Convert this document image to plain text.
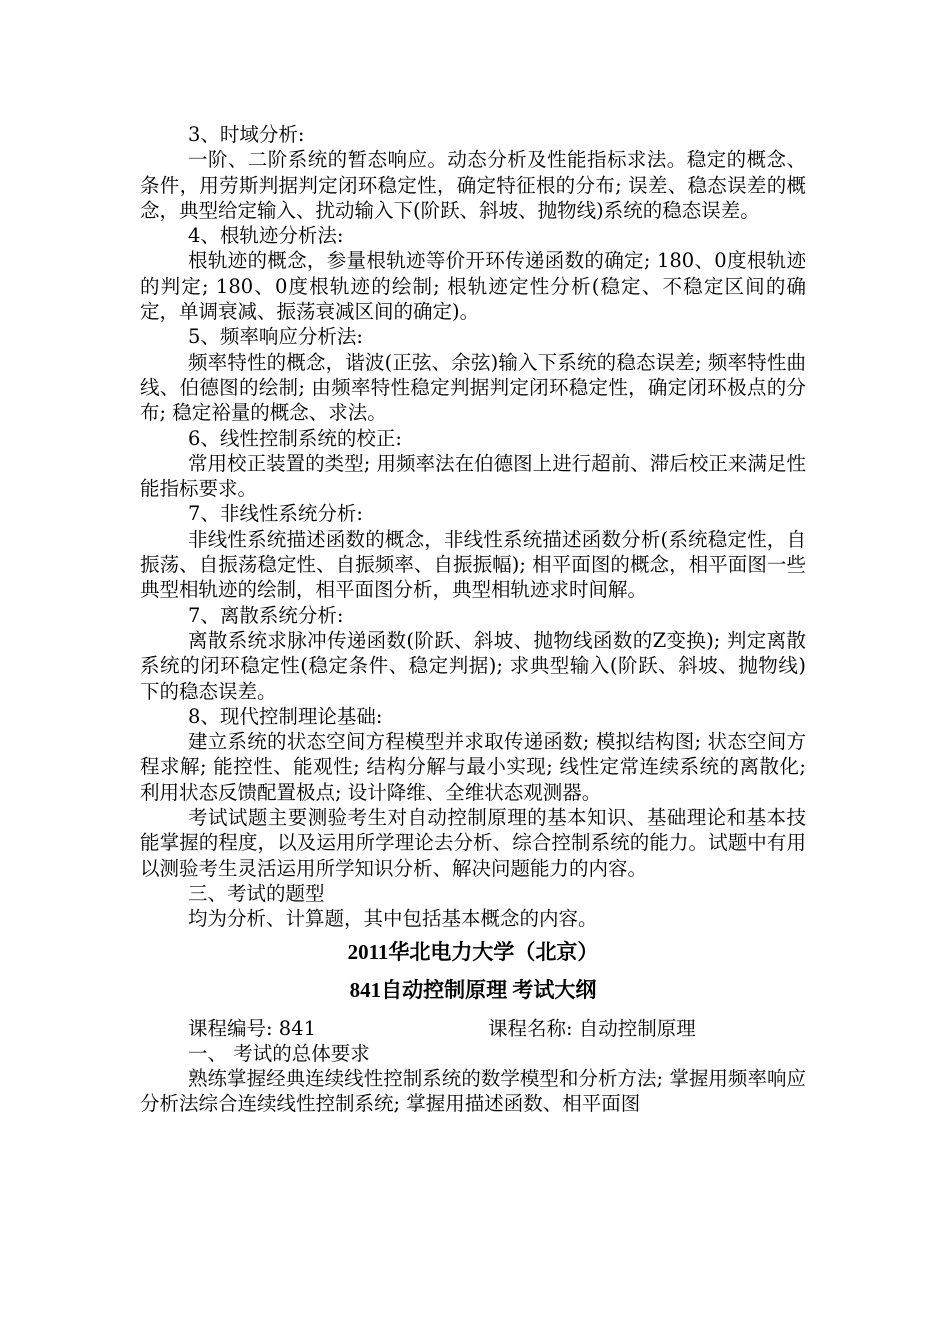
3、时域分析:

一阶、二阶系统的暂态响应。动态分析及性能指标求法。稳定的概念、条件，用劳斯判据判定闭环稳定性，确定特征根的分布; 误差、稳态误差的概念，典型给定输入、扰动输入下(阶跃、斜坡、抛物线)系统的稳态误差。

4、根轨迹分析法:

根轨迹的概念，参量根轨迹等价开环传递函数的确定; 180、0度根轨迹的判定; 180、0度根轨迹的绘制; 根轨迹定性分析(稳定、不稳定区间的确定，单调衰减、振荡衰减区间的确定)。

5、频率响应分析法:

频率特性的概念，谐波(正弦、余弦)输入下系统的稳态误差; 频率特性曲线、伯德图的绘制; 由频率特性稳定判据判定闭环稳定性，确定闭环极点的分布; 稳定裕量的概念、求法。

6、线性控制系统的校正:

常用校正装置的类型; 用频率法在伯德图上进行超前、滞后校正来满足性能指标要求。

7、非线性系统分析:

非线性系统描述函数的概念，非线性系统描述函数分析(系统稳定性，自振荡、自振荡稳定性、自振频率、自振振幅); 相平面图的概念，相平面图一些典型相轨迹的绘制，相平面图分析，典型相轨迹求时间解。

7、离散系统分析:

离散系统求脉冲传递函数(阶跃、斜坡、抛物线函数的Z变换); 判定离散系统的闭环稳定性(稳定条件、稳定判据); 求典型输入(阶跃、斜坡、抛物线)下的稳态误差。

8、现代控制理论基础:

建立系统的状态空间方程模型并求取传递函数; 模拟结构图; 状态空间方程求解; 能控性、能观性; 结构分解与最小实现; 线性定常连续系统的离散化; 利用状态反馈配置极点; 设计降维、全维状态观测器。

考试试题主要测验考生对自动控制原理的基本知识、基础理论和基本技能掌握的程度，以及运用所学理论去分析、综合控制系统的能力。试题中有用以测验考生灵活运用所学知识分析、解决问题能力的内容。

三、考试的题型

均为分析、计算题，其中包括基本概念的内容。

2011华北电力大学（北京）

841自动控制原理 考试大纲

课程编号: 841	课程名称: 自动控制原理

一、 考试的总体要求

熟练掌握经典连续线性控制系统的数学模型和分析方法; 掌握用频率响应分析法综合连续线性控制系统; 掌握用描述函数、相平面图
